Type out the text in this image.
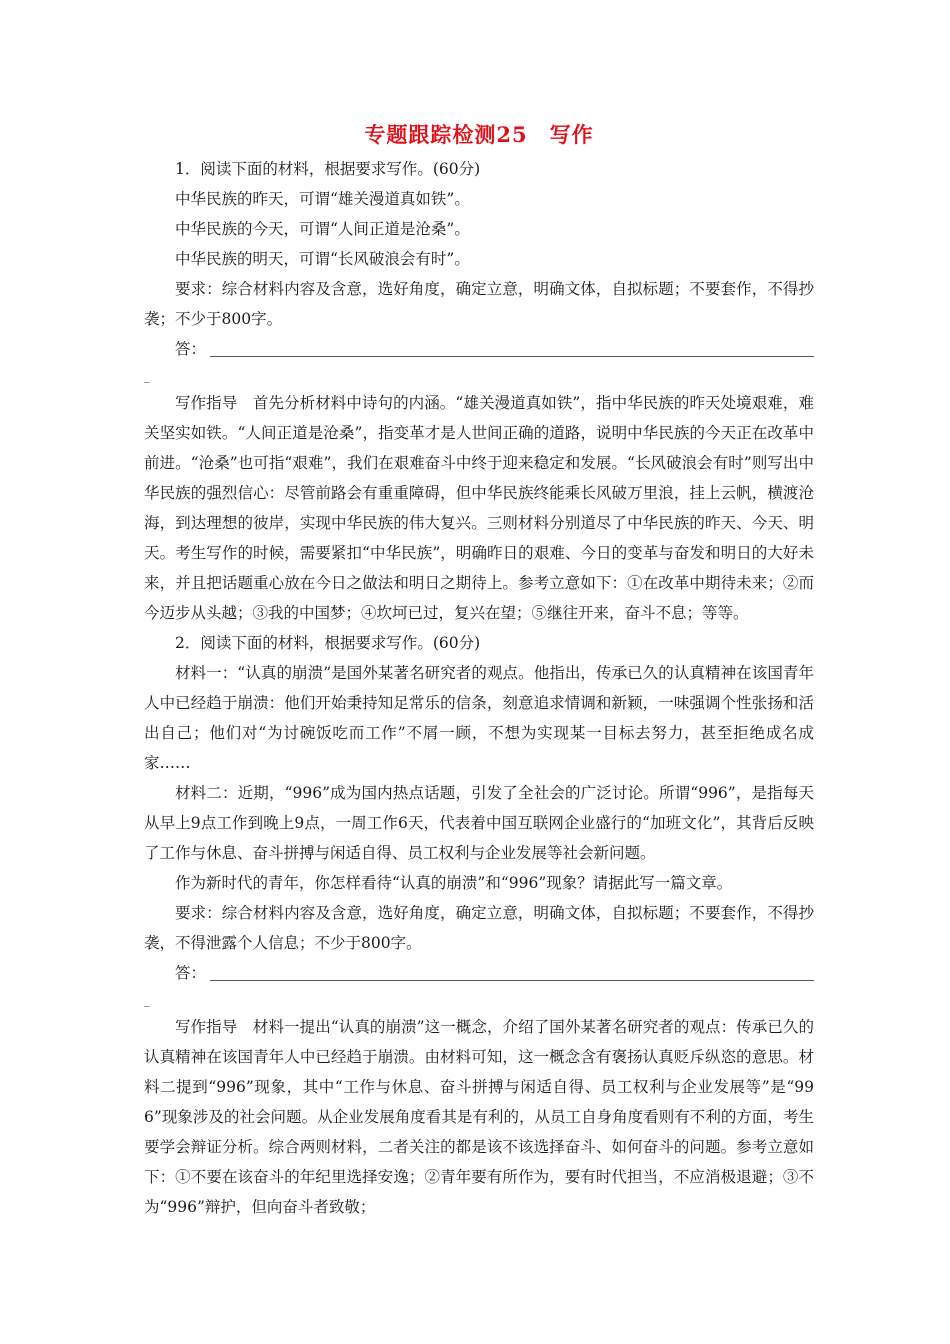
专题跟踪检测25　写作

1．阅读下面的材料，根据要求写作。(60分)

中华民族的昨天，可谓“雄关漫道真如铁”。

中华民族的今天，可谓“人间正道是沧桑”。

中华民族的明天，可谓“长风破浪会有时”。

要求：综合材料内容及含意，选好角度，确定立意，明确文体，自拟标题；不要套作，不得抄袭；不少于800字。

答：
_

写作指导　首先分析材料中诗句的内涵。“雄关漫道真如铁”，指中华民族的昨天处境艰难，难关坚实如铁。“人间正道是沧桑”，指变革才是人世间正确的道路，说明中华民族的今天正在改革中前进。“沧桑”也可指“艰难”，我们在艰难奋斗中终于迎来稳定和发展。“长风破浪会有时”则写出中华民族的强烈信心：尽管前路会有重重障碍，但中华民族终能乘长风破万里浪，挂上云帆，横渡沧海，到达理想的彼岸，实现中华民族的伟大复兴。三则材料分别道尽了中华民族的昨天、今天、明天。考生写作的时候，需要紧扣“中华民族”，明确昨日的艰难、今日的变革与奋发和明日的大好未来，并且把话题重心放在今日之做法和明日之期待上。参考立意如下：①在改革中期待未来；②而今迈步从头越；③我的中国梦；④坎坷已过，复兴在望；⑤继往开来，奋斗不息；等等。

2．阅读下面的材料，根据要求写作。(60分)

材料一：“认真的崩溃”是国外某著名研究者的观点。他指出，传承已久的认真精神在该国青年人中已经趋于崩溃：他们开始秉持知足常乐的信条，刻意追求情调和新颖，一味强调个性张扬和活出自己；他们对“为讨碗饭吃而工作”不屑一顾，不想为实现某一目标去努力，甚至拒绝成名成家……

材料二：近期，“996”成为国内热点话题，引发了全社会的广泛讨论。所谓“996”，是指每天从早上9点工作到晚上9点，一周工作6天，代表着中国互联网企业盛行的“加班文化”，其背后反映了工作与休息、奋斗拼搏与闲适自得、员工权利与企业发展等社会新问题。

作为新时代的青年，你怎样看待“认真的崩溃”和“996”现象？请据此写一篇文章。

要求：综合材料内容及含意，选好角度，确定立意，明确文体，自拟标题；不要套作，不得抄袭，不得泄露个人信息；不少于800字。

答：
_

写作指导　材料一提出“认真的崩溃”这一概念，介绍了国外某著名研究者的观点：传承已久的认真精神在该国青年人中已经趋于崩溃。由材料可知，这一概念含有褒扬认真贬斥纵恣的意思。材料二提到“996”现象，其中“工作与休息、奋斗拼搏与闲适自得、员工权利与企业发展等”是“996”现象涉及的社会问题。从企业发展角度看其是有利的，从员工自身角度看则有不利的方面，考生要学会辩证分析。综合两则材料，二者关注的都是该不该选择奋斗、如何奋斗的问题。参考立意如下：①不要在该奋斗的年纪里选择安逸；②青年要有所作为，要有时代担当，不应消极退避；③不为“996”辩护，但向奋斗者致敬；
